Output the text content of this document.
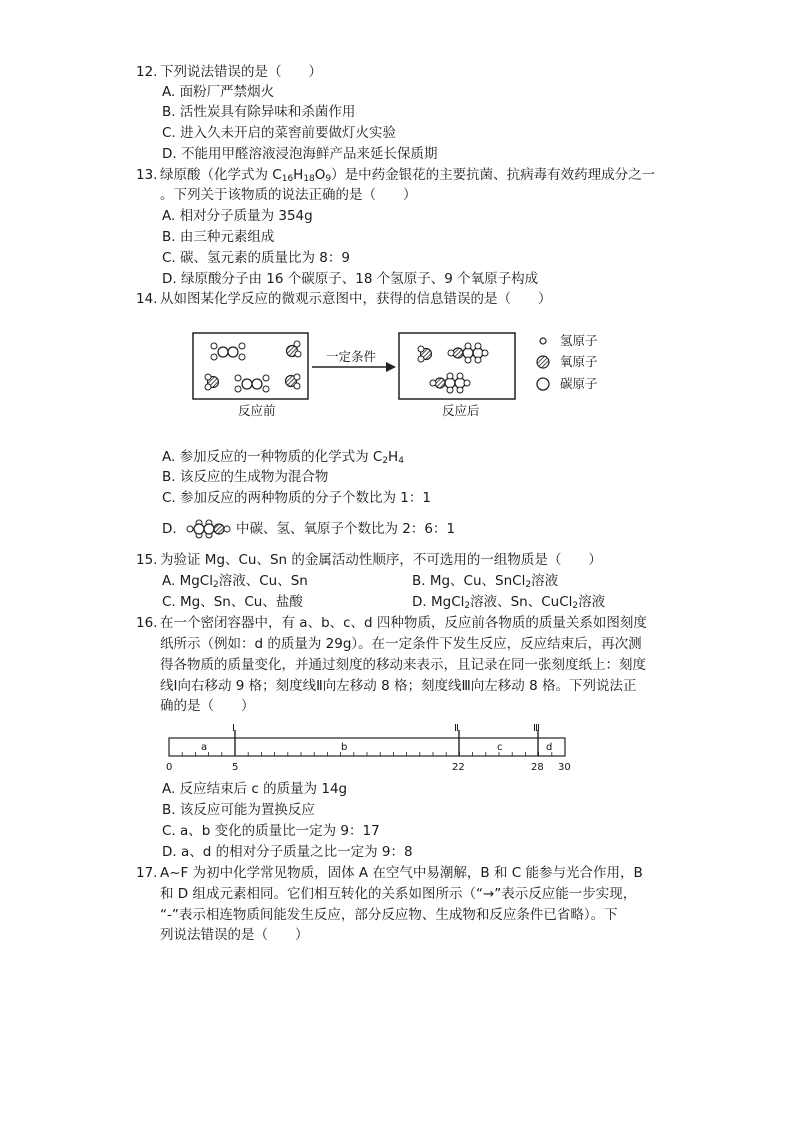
12. 下列说法错误的是（　　）
A. 面粉厂严禁烟火
B. 活性炭具有除异味和杀菌作用
C. 进入久未开启的菜窖前要做灯火实验
D. 不能用甲醛溶液浸泡海鲜产品来延长保质期
13. 绿原酸（化学式为 $C_{16}H_{18}O_9$）是中药金银花的主要抗菌、抗病毒有效药理成分之一
。下列关于该物质的说法正确的是（　　）
A. 相对分子质量为 354g
B. 由三种元素组成
C. 碳、氢元素的质量比为 8：9
D. 绿原酸分子由 16 个碳原子、18 个氢原子、9 个氧原子构成
14. 从如图某化学反应的微观示意图中，获得的信息错误的是（　　）
一定条件
反应前	反应后
氢原子
氧原子
碳原子
A. 参加反应的一种物质的化学式为 $C_2H_4$
B. 该反应的生成物为混合物
C. 参加反应的两种物质的分子个数比为 1：1
D.	中碳、氢、氧原子个数比为 2：6：1
15. 为验证 Mg、Cu、Sn 的金属活动性顺序，不可选用的一组物质是（　　）
A. MgCl$_2$溶液、Cu、Sn	B. Mg、Cu、SnCl$_2$溶液
C. Mg、Sn、Cu、盐酸	D. MgCl$_2$溶液、Sn、CuCl$_2$溶液
16. 在一个密闭容器中，有 a、b、c、d 四种物质，反应前各物质的质量关系如图刻度
纸所示（例如：d 的质量为 29g）。在一定条件下发生反应，反应结束后，再次测
得各物质的质量变化，并通过刻度的移动来表示，且记录在同一张刻度纸上：刻度
线Ⅰ向右移动 9 格；刻度线Ⅱ向左移动 8 格；刻度线Ⅲ向左移动 8 格。下列说法正
确的是（　　）
Ⅰ	Ⅱ	Ⅲ
a	b	c	d
0	5	22	28 30
A. 反应结束后 c 的质量为 14g
B. 该反应可能为置换反应
C. a、b 变化的质量比一定为 9：17
D. a、d 的相对分子质量之比一定为 9：8
17. A~F 为初中化学常见物质，固体 A 在空气中易潮解，B 和 C 能参与光合作用，B
和 D 组成元素相同。它们相互转化的关系如图所示（“→”表示反应能一步实现，
“-”表示相连物质间能发生反应，部分反应物、生成物和反应条件已省略）。下
列说法错误的是（　　）
